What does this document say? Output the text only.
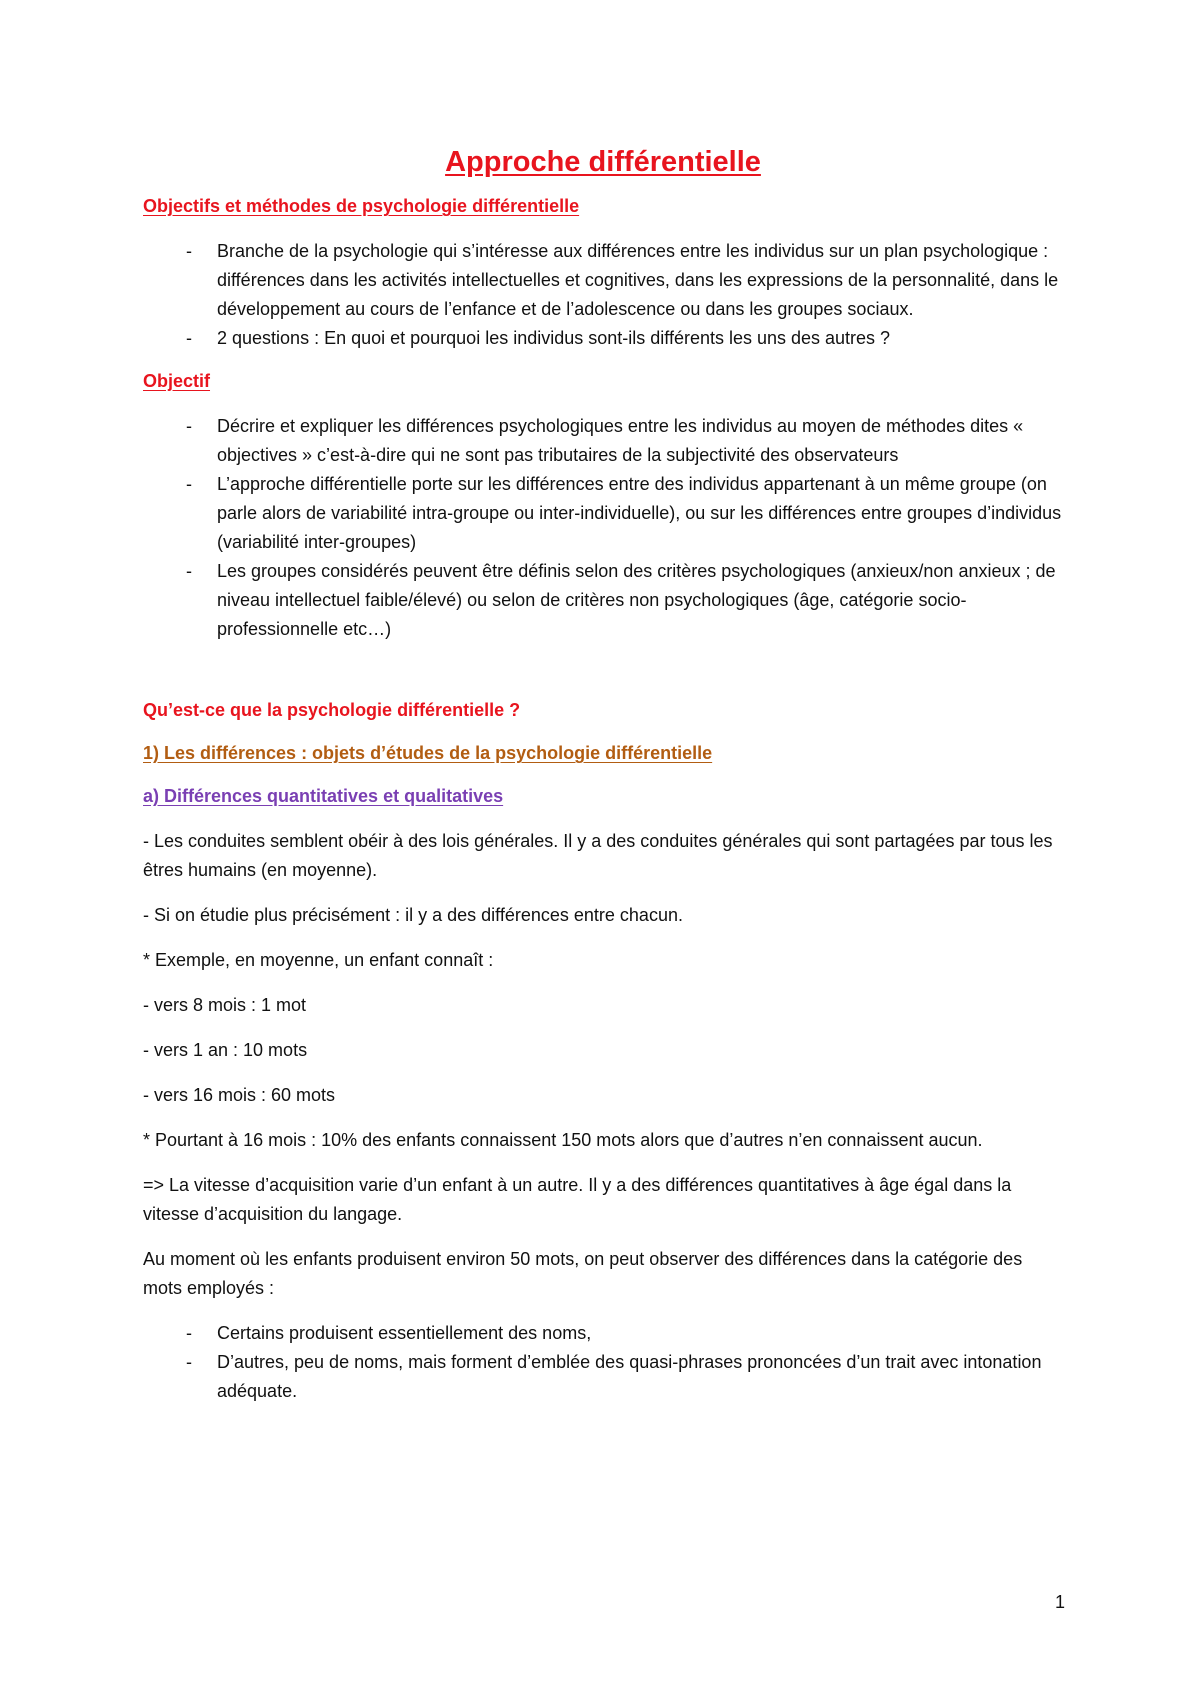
Approche différentielle
Objectifs et méthodes de psychologie différentielle
- Branche de la psychologie qui s’intéresse aux différences entre les individus sur un plan psychologique : différences dans les activités intellectuelles et cognitives, dans les expressions de la personnalité, dans le développement au cours de l’enfance et de l’adolescence ou dans les groupes sociaux.
- 2 questions : En quoi et pourquoi les individus sont-ils différents les uns des autres ?
Objectif
- Décrire et expliquer les différences psychologiques entre les individus au moyen de méthodes dites « objectives » c’est-à-dire qui ne sont pas tributaires de la subjectivité des observateurs
- L’approche différentielle porte sur les différences entre des individus appartenant à un même groupe (on parle alors de variabilité intra-groupe ou inter-individuelle), ou sur les différences entre groupes d’individus (variabilité inter-groupes)
- Les groupes considérés peuvent être définis selon des critères psychologiques (anxieux/non anxieux ; de niveau intellectuel faible/élevé) ou selon de critères non psychologiques (âge, catégorie socio-professionnelle etc…)
Qu’est-ce que la psychologie différentielle ?
1) Les différences : objets d’études de la psychologie différentielle
a) Différences quantitatives et qualitatives

- Les conduites semblent obéir à des lois générales. Il y a des conduites générales qui sont partagées par tous les êtres humains (en moyenne).

- Si on étudie plus précisément : il y a des différences entre chacun.

* Exemple, en moyenne, un enfant connaît :

- vers 8 mois : 1 mot

- vers 1 an : 10 mots

- vers 16 mois : 60 mots

* Pourtant à 16 mois : 10% des enfants connaissent 150 mots alors que d’autres n’en connaissent aucun.

=> La vitesse d’acquisition varie d’un enfant à un autre. Il y a des différences quantitatives à âge égal dans la vitesse d’acquisition du langage.

Au moment où les enfants produisent environ 50 mots, on peut observer des différences dans la catégorie des mots employés :

- Certains produisent essentiellement des noms,
- D’autres, peu de noms, mais forment d’emblée des quasi-phrases prononcées d’un trait avec intonation adéquate.
1
